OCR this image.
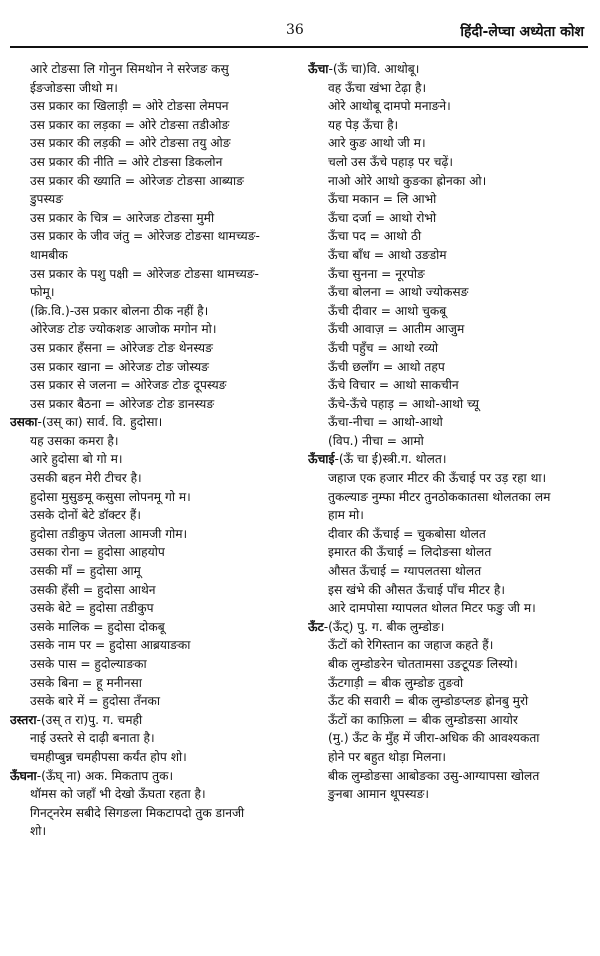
36	हिंदी-लेप्चा अध्येता कोश
आरे टोङसा लि गोनुन सिमथोन ने सरेजङ कसु
ईङजोङसा जीथो म।
उस प्रकार का खिलाड़ी = ओरे टोङसा लेमपन
उस प्रकार का लड़का = ओरे टोङसा तडीओङ
उस प्रकार की लड़की = ओरे टोङसा तयु ओङ
उस प्रकार की नीति = ओरे टोङसा डिकलोन
उस प्रकार की ख्याति = ओरेजङ टोङसा आब्याङ
डुपस्यङ
उस प्रकार के चित्र = आरेजङ टोङसा मुमी
उस प्रकार के जीव जंतु = ओरेजङ टोङसा थामच्यङ-
थामबीक
उस प्रकार के पशु पक्षी = ओरेजङ टोङसा थामच्यङ-
फोमू।
(क्रि.वि.)-उस प्रकार बोलना ठीक नहीं है।
ओरेजङ टोङ ज्योकशङ आजोक मगोन मो।
उस प्रकार हँसना = ओरेजङ टोङ थेनस्यङ
उस प्रकार खाना = ओरेजङ टोङ जोस्यङ
उस प्रकार से जलना = ओरेजङ टोङ दूपस्यङ
उस प्रकार बैठना = ओरेजङ टोङ डानस्यङ
उसका-(उस् का) सार्व. वि. हुदोसा।
यह उसका कमरा है।
आरे हुदोसा बो गो म।
उसकी बहन मेरी टीचर है।
हुदोसा मुसुङमू कसुसा लोपनमू गो म।
उसके दोनों बेटे डॉक्टर हैं।
हुदोसा तडीकुप जेतला आमजी गोम।
उसका रोना = हुदोसा आहयोप
उसकी माँ = हुदोसा आमू
उसकी हँसी = हुदोसा आथेन
उसके बेटे = हुदोसा तडीकुप
उसके मालिक = हुदोसा दोकबू
उसके नाम पर = हुदोसा आब्रयाङका
उसके पास = हुदोल्याङका
उसके बिना = हू मनीनसा
उसके बारे में = हुदोसा तँनका
उस्तरा-(उस् त रा)पु. ग. चमही
नाई उस्तरे से दाढ़ी बनाता है।
चमहीप्बुन्न चमहीपसा कर्यंत होप शो।
ऊँघना-(ऊँघ् ना) अक. मिकताप तुक।
थॉमस को जहाँ भी देखो ऊँघता रहता है।
गिनट्नरेम सबीदे सिगङला मिकटापदो तुक डानजी
शो।
ऊँचा-(ऊँ चा)वि. आथोबू।
वह ऊँचा खंभा टेढ़ा है।
ओरे आथोबू दामपो मनाङने।
यह पेड़ ऊँचा है।
आरे कुङ आथो जी म।
चलो उस ऊँचे पहाड़ पर चढ़ें।
नाओ ओरे आथो कुङका ह्रोनका ओ।
ऊँचा मकान = लि आभो
ऊँचा दर्जा = आथो रोभो
ऊँचा पद = आथो ठी
ऊँचा बाँध = आथो उङडोम
ऊँचा सुनना = नूरपोङ
ऊँचा बोलना = आथो ज्योकसङ
ऊँची दीवार = आथो चुकबू
ऊँची आवाज़ = आतीम आजुम
ऊँची पहुँच = आथो रव्यो
ऊँची छलाँग = आथो तहप
ऊँचे विचार = आथो साकचीन
ऊँचे-ऊँचे पहाड़ = आथो-आथो च्यू
ऊँचा-नीचा = आथो-आथो
(विप.) नीचा = आमो
ऊँचाई-(ऊँ चा ई)स्त्री.ग. थोलत।
जहाज एक हजार मीटर की ऊँचाई पर उड़ रहा था।
तुकल्याङ नुम्फा मीटर तुनठोककातसा थोलतका लम
हाम मो।
दीवार की ऊँचाई = चुकबोसा थोलत
इमारत की ऊँचाई = लिदोङसा थोलत
औसत ऊँचाई = ग्यापलतसा थोलत
इस खंभे की औसत ऊँचाई पाँच मीटर है।
आरे दामपोसा ग्यापलत थोलत मिटर फङु जी म।
ऊँट-(ऊँट्) पु. ग. बीक लुम्डोङ।
ऊँटों को रेगिस्तान का जहाज कहते हैं।
बीक लुम्डोङरेन चोततामसा उङटूयङ लिस्यो।
ऊँटगाड़ी = बीक लुम्डोङ तुङवो
ऊँट की सवारी = बीक लुम्डोङप्लङ ह्रोनबु मुरो
ऊँटों का काफ़िला = बीक लुम्डोङसा आयोर
(मु.) ऊँट के मुँह में जीरा-अधिक की आवश्यकता
होने पर बहुत थोड़ा मिलना।
बीक लुम्डोङसा आबोङका उसु-आग्यापसा खोलत
ङुनबा आमान थूपस्यङ।
